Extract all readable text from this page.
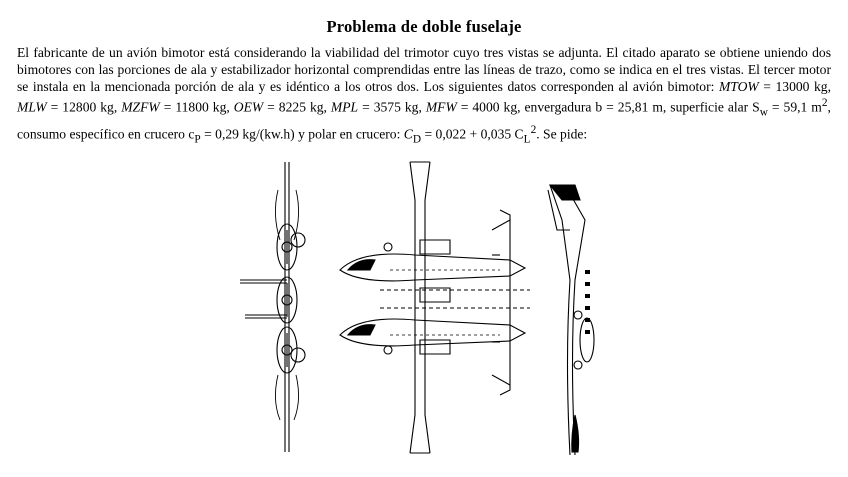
Problema de doble fuselaje

El fabricante de un avión bimotor está considerando la viabilidad del trimotor cuyo tres vistas se adjunta. El citado aparato se obtiene uniendo dos bimotores con las porciones de ala y estabilizador horizontal comprendidas entre las líneas de trazo, como se indica en el tres vistas. El tercer motor se instala en la mencionada porción de ala y es idéntico a los otros dos. Los siguientes datos corresponden al avión bimotor: MTOW = 13000 kg, MLW = 12800 kg, MZFW = 11800 kg, OEW = 8225 kg, MPL = 3575 kg, MFW = 4000 kg, envergadura b = 25,81 m, superficie alar $S_w = 59,1$ $m^2$, consumo específico en crucero $c_P = 0,29$ kg/(kw.h) y polar en crucero: $C_D = 0,022 + 0,035$ $C_L^2$. Se pide:
